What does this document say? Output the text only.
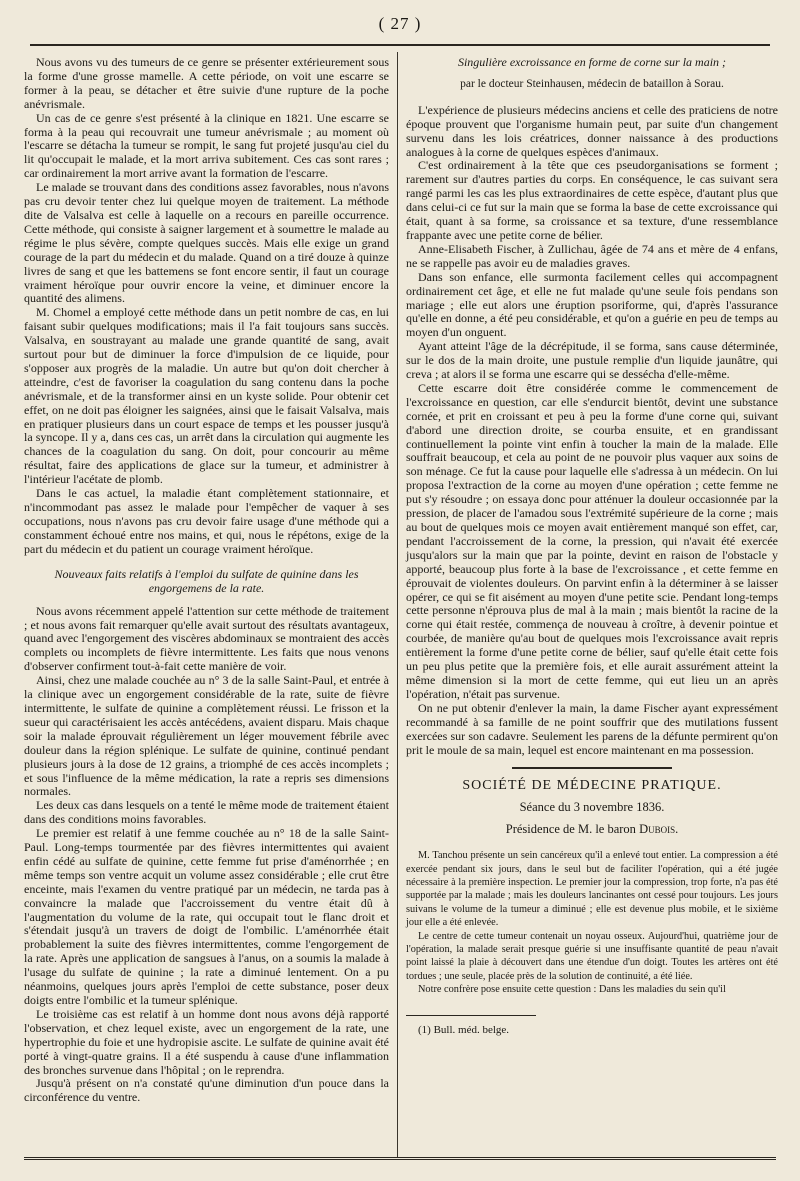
( 27 )

Nous avons vu des tumeurs de ce genre se présenter extérieurement sous la forme d'une grosse mamelle. A cette période, on voit une escarre se former à la peau, se détacher et être suivie d'une rupture de la poche anévrismale.

Un cas de ce genre s'est présenté à la clinique en 1821. Une escarre se forma à la peau qui recouvrait une tumeur anévrismale ; au moment où l'escarre se détacha la tumeur se rompit, le sang fut projeté jusqu'au ciel du lit qu'occupait le malade, et la mort arriva subitement. Ces cas sont rares ; car ordinairement la mort arrive avant la formation de l'escarre.

Le malade se trouvant dans des conditions assez favorables, nous n'avons pas cru devoir tenter chez lui quelque moyen de traitement. La méthode dite de Valsalva est celle à laquelle on a recours en pareille occurrence. Cette méthode, qui consiste à saigner largement et à soumettre le malade au régime le plus sévère, compte quelques succès. Mais elle exige un grand courage de la part du médecin et du malade. Quand on a tiré douze à quinze livres de sang et que les battemens se font encore sentir, il faut un courage vraiment héroïque pour ouvrir encore la veine, et diminuer encore la quantité des alimens.

M. Chomel a employé cette méthode dans un petit nombre de cas, en lui faisant subir quelques modifications; mais il l'a fait toujours sans succès. Valsalva, en soustrayant au malade une grande quantité de sang, avait surtout pour but de diminuer la force d'impulsion de ce liquide, pour s'opposer aux progrès de la maladie. Un autre but qu'on doit chercher à atteindre, c'est de favoriser la coagulation du sang contenu dans la poche anévrismale, et de la transformer ainsi en un kyste solide. Pour obtenir cet effet, on ne doit pas éloigner les saignées, ainsi que le faisait Valsalva, mais en pratiquer plusieurs dans un court espace de temps et les pousser jusqu'à la syncope. Il y a, dans ces cas, un arrêt dans la circulation qui augmente les chances de la coagulation du sang. On doit, pour concourir au même résultat, faire des applications de glace sur la tumeur, et administrer à l'intérieur l'acétate de plomb.

Dans le cas actuel, la maladie étant complètement stationnaire, et n'incommodant pas assez le malade pour l'empêcher de vaquer à ses occupations, nous n'avons pas cru devoir faire usage d'une méthode qui a constamment échoué entre nos mains, et qui, nous le répétons, exige de la part du médecin et du patient un courage vraiment héroïque.

Nouveaux faits relatifs à l'emploi du sulfate de quinine dans les engorgemens de la rate.

Nous avons récemment appelé l'attention sur cette méthode de traitement ; et nous avons fait remarquer qu'elle avait surtout des résultats avantageux, quand avec l'engorgement des viscères abdominaux se montraient des accès complets ou incomplets de fièvre intermittente. Les faits que nous venons d'observer confirment tout-à-fait cette manière de voir.

Ainsi, chez une malade couchée au n° 3 de la salle Saint-Paul, et entrée à la clinique avec un engorgement considérable de la rate, suite de fièvre intermittente, le sulfate de quinine a complètement réussi. Le frisson et la sueur qui caractérisaient les accès antécédens, avaient disparu. Mais chaque soir la malade éprouvait régulièrement un léger mouvement fébrile avec douleur dans la région splénique. Le sulfate de quinine, continué pendant plusieurs jours à la dose de 12 grains, a triomphé de ces accès incomplets ; et sous l'influence de la même médication, la rate a repris ses dimensions normales.

Les deux cas dans lesquels on a tenté le même mode de traitement étaient dans des conditions moins favorables.

Le premier est relatif à une femme couchée au n° 18 de la salle Saint-Paul. Long-temps tourmentée par des fièvres intermittentes qui avaient enfin cédé au sulfate de quinine, cette femme fut prise d'aménorrhée ; en même temps son ventre acquit un volume assez considérable ; elle crut être enceinte, mais l'examen du ventre pratiqué par un médecin, ne tarda pas à convaincre la malade que l'accroissement du ventre était dû à l'augmentation du volume de la rate, qui occupait tout le flanc droit et s'étendait jusqu'à un travers de doigt de l'ombilic. L'aménorrhée était probablement la suite des fièvres intermittentes, comme l'engorgement de la rate. Après une application de sangsues à l'anus, on a soumis la malade à l'usage du sulfate de quinine ; la rate a diminué lentement. On a pu néanmoins, quelques jours après l'emploi de cette substance, poser deux doigts entre l'ombilic et la tumeur splénique.

Le troisième cas est relatif à un homme dont nous avons déjà rapporté l'observation, et chez lequel existe, avec un engorgement de la rate, une hypertrophie du foie et une hydropisie ascite. Le sulfate de quinine avait été porté à vingt-quatre grains. Il a été suspendu à cause d'une inflammation des bronches survenue dans l'hôpital ; on le reprendra.

Jusqu'à présent on n'a constaté qu'une diminution d'un pouce dans la circonférence du ventre.

Singulière excroissance en forme de corne sur la main ;

par le docteur Steinhausen, médecin de bataillon à Sorau.

L'expérience de plusieurs médecins anciens et celle des praticiens de notre époque prouvent que l'organisme humain peut, par suite d'un changement survenu dans les lois créatrices, donner naissance à des productions analogues à la corne de quelques espèces d'animaux.

C'est ordinairement à la tête que ces pseudorganisations se forment ; rarement sur d'autres parties du corps. En conséquence, le cas suivant sera rangé parmi les cas les plus extraordinaires de cette espèce, d'autant plus que dans celui-ci ce fut sur la main que se forma la base de cette excroissance qui était, quant à sa forme, sa croissance et sa texture, d'une ressemblance frappante avec une petite corne de bélier.

Anne-Elisabeth Fischer, à Zullichau, âgée de 74 ans et mère de 4 enfans, ne se rappelle pas avoir eu de maladies graves.

Dans son enfance, elle surmonta facilement celles qui accompagnent ordinairement cet âge, et elle ne fut malade qu'une seule fois pendans son mariage ; elle eut alors une éruption psoriforme, qui, d'après l'assurance qu'elle en donne, a été peu considérable, et qu'on a guérie en peu de temps au moyen d'un onguent.

Ayant atteint l'âge de la décrépitude, il se forma, sans cause déterminée, sur le dos de la main droite, une pustule remplie d'un liquide jaunâtre, qui creva ; at alors il se forma une escarre qui se dessécha d'elle-même.

Cette escarre doit être considérée comme le commencement de l'excroissance en question, car elle s'endurcit bientôt, devint une substance cornée, et prit en croissant et peu à peu la forme d'une corne qui, suivant d'abord une direction droite, se courba ensuite, et en grandissant continuellement la pointe vint enfin à toucher la main de la malade. Elle souffrait beaucoup, et cela au point de ne pouvoir plus vaquer aux soins de son ménage. Ce fut la cause pour laquelle elle s'adressa à un médecin. On lui proposa l'extraction de la corne au moyen d'une opération ; cette femme ne put s'y résoudre ; on essaya donc pour atténuer la douleur occasionnée par la pression, de placer de l'amadou sous l'extrémité supérieure de la corne ; mais au bout de quelques mois ce moyen avait entièrement manqué son effet, car, pendant l'accroissement de la corne, la pression, qui n'avait été exercée jusqu'alors sur la main que par la pointe, devint en raison de l'obstacle y apporté, beaucoup plus forte à la base de l'excroissance , et cette femme en éprouvait de violentes douleurs. On parvint enfin à la déterminer à se laisser opérer, ce qui se fit aisément au moyen d'une petite scie. Pendant long-temps cette personne n'éprouva plus de mal à la main ; mais bientôt la racine de la corne qui était restée, commença de nouveau à croître, à devenir pointue et courbée, de manière qu'au bout de quelques mois l'excroissance avait repris entièrement la forme d'une petite corne de bélier, sauf qu'elle était cette fois un peu plus petite que la première fois, et elle aurait assurément atteint la même dimension si la mort de cette femme, qui eut lieu un an après l'opération, n'était pas survenue.

On ne put obtenir d'enlever la main, la dame Fischer ayant expressément recommandé à sa famille de ne point souffrir que des mutilations fussent exercées sur son cadavre. Seulement les parens de la défunte permirent qu'on prit le moule de sa main, lequel est encore maintenant en ma possession.

SOCIÉTÉ DE MÉDECINE PRATIQUE.

Séance du 3 novembre 1836.

Présidence de M. le baron Dubois.

M. Tanchou présente un sein cancéreux qu'il a enlevé tout entier. La compression a été exercée pendant six jours, dans le seul but de faciliter l'opération, qui a été jugée nécessaire à la première inspection. Le premier jour la compression, trop forte, n'a pas été supportée par la malade ; mais les douleurs lancinantes ont cessé pour toujours. Les jours suivans le volume de la tumeur a diminué ; elle est devenue plus mobile, et le sixième jour elle a été enlevée.

Le centre de cette tumeur contenait un noyau osseux. Aujourd'hui, quatrième jour de l'opération, la malade serait presque guérie si une insuffisante quantité de peau n'avait point laissé la plaie à découvert dans une étendue d'un doigt. Toutes les artères ont été tordues ; une seule, placée près de la solution de continuité, a été liée.

Notre confrère pose ensuite cette question : Dans les maladies du sein qu'il

(1) Bull. méd. belge.
